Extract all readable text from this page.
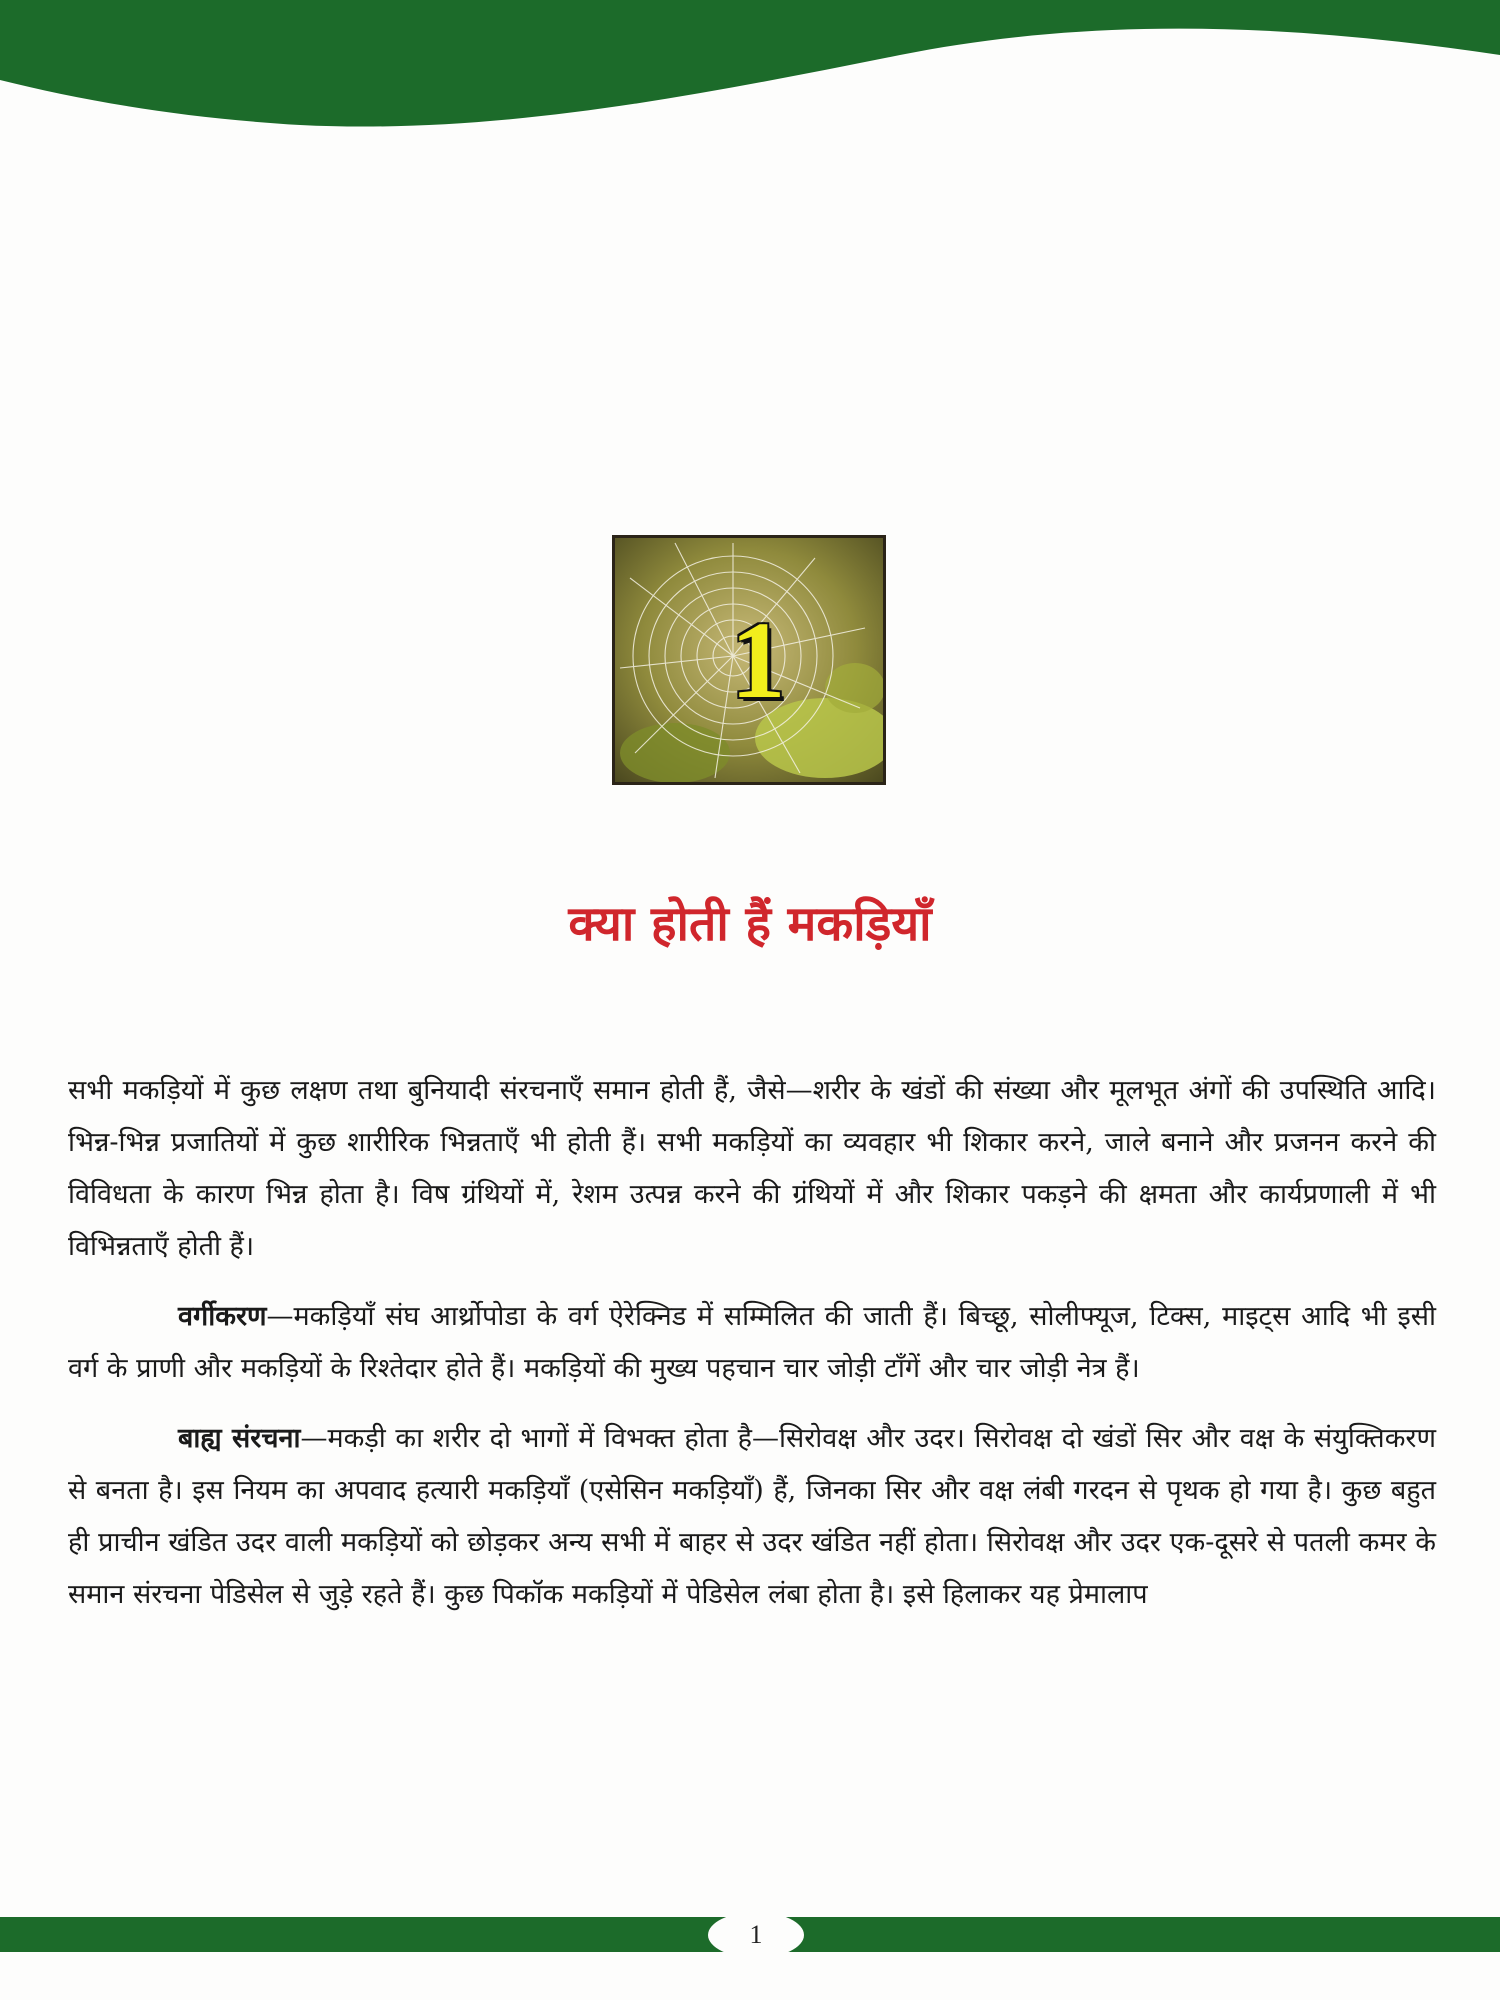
1
क्या होती हैं मकड़ियाँ

सभी मकड़ियों में कुछ लक्षण तथा बुनियादी संरचनाएँ समान होती हैं, जैसे—शरीर के खंडों की संख्या और मूलभूत अंगों की उपस्थिति आदि। भिन्न-भिन्न प्रजातियों में कुछ शारीरिक भिन्नताएँ भी होती हैं। सभी मकड़ियों का व्यवहार भी शिकार करने, जाले बनाने और प्रजनन करने की विविधता के कारण भिन्न होता है। विष ग्रंथियों में, रेशम उत्पन्न करने की ग्रंथियों में और शिकार पकड़ने की क्षमता और कार्यप्रणाली में भी विभिन्नताएँ होती हैं।

वर्गीकरण—मकड़ियाँ संघ आर्थ्रोपोडा के वर्ग ऐरेक्निड में सम्मिलित की जाती हैं। बिच्छू, सोलीफ्यूज, टिक्स, माइट्स आदि भी इसी वर्ग के प्राणी और मकड़ियों के रिश्तेदार होते हैं। मकड़ियों की मुख्य पहचान चार जोड़ी टाँगें और चार जोड़ी नेत्र हैं।

बाह्य संरचना—मकड़ी का शरीर दो भागों में विभक्त होता है—सिरोवक्ष और उदर। सिरोवक्ष दो खंडों सिर और वक्ष के संयुक्तिकरण से बनता है। इस नियम का अपवाद हत्यारी मकड़ियाँ (एसेसिन मकड़ियाँ) हैं, जिनका सिर और वक्ष लंबी गरदन से पृथक हो गया है। कुछ बहुत ही प्राचीन खंडित उदर वाली मकड़ियों को छोड़कर अन्य सभी में बाहर से उदर खंडित नहीं होता। सिरोवक्ष और उदर एक-दूसरे से पतली कमर के समान संरचना पेडिसेल से जुड़े रहते हैं। कुछ पिकॉक मकड़ियों में पेडिसेल लंबा होता है। इसे हिलाकर यह प्रेमालाप

1
